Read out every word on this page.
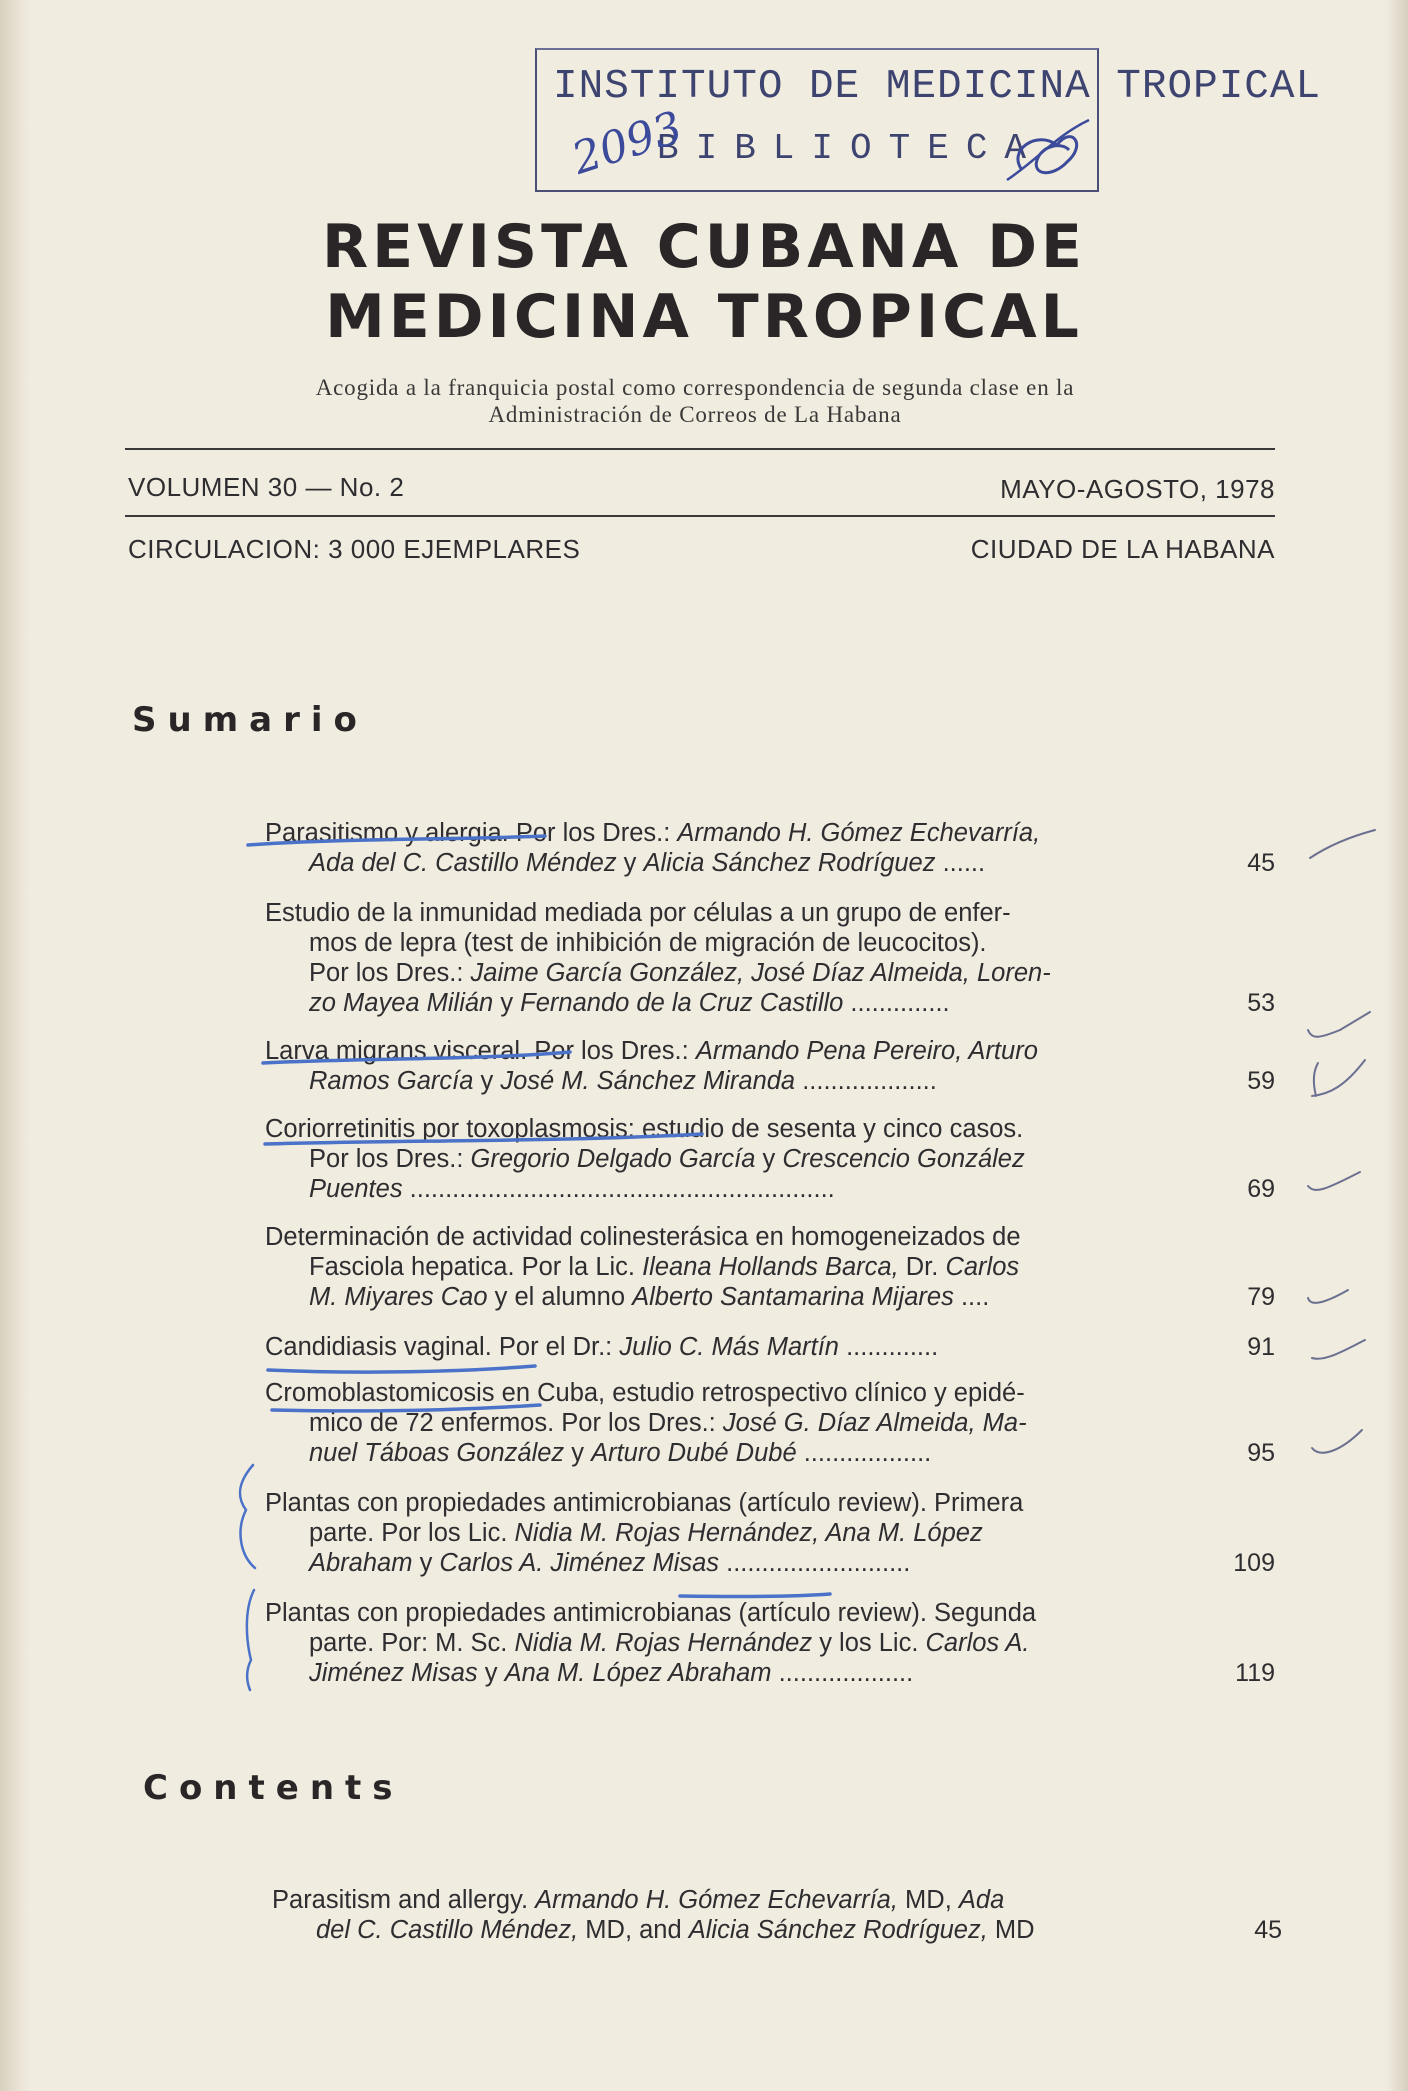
INSTITUTO DE MEDICINA TROPICAL
BIBLIOTECA
2093
REVISTA CUBANA DE
MEDICINA TROPICAL
Acogida a la franquicia postal como correspondencia de segunda clase en la
Administración de Correos de La Habana
VOLUMEN 30 — No. 2	MAYO-AGOSTO, 1978
CIRCULACION: 3 000 EJEMPLARES	CIUDAD DE LA HABANA
Sumario
Parasitismo y alergia. Por los Dres.: Armando H. Gómez Echevarría,
Ada del C. Castillo Méndez y Alicia Sánchez Rodríguez ......	45
Estudio de la inmunidad mediada por células a un grupo de enfer-
mos de lepra (test de inhibición de migración de leucocitos).
Por los Dres.: Jaime García González, José Díaz Almeida, Loren-
zo Mayea Milián y Fernando de la Cruz Castillo ..............	53
Larva migrans visceral. Por los Dres.: Armando Pena Pereiro, Arturo
Ramos García y José M. Sánchez Miranda ...................	59
Coriorretinitis por toxoplasmosis: estudio de sesenta y cinco casos.
Por los Dres.: Gregorio Delgado García y Crescencio González
Puentes ............................................................	69
Determinación de actividad colinesterásica en homogeneizados de
Fasciola hepatica. Por la Lic. Ileana Hollands Barca, Dr. Carlos
M. Miyares Cao y el alumno Alberto Santamarina Mijares ....	79
Candidiasis vaginal. Por el Dr.: Julio C. Más Martín .............	91
Cromoblastomicosis en Cuba, estudio retrospectivo clínico y epidé-
mico de 72 enfermos. Por los Dres.: José G. Díaz Almeida, Ma-
nuel Táboas González y Arturo Dubé Dubé ..................	95
Plantas con propiedades antimicrobianas (artículo review). Primera
parte. Por los Lic. Nidia M. Rojas Hernández, Ana M. López
Abraham y Carlos A. Jiménez Misas ..........................	109
Plantas con propiedades antimicrobianas (artículo review). Segunda
parte. Por: M. Sc. Nidia M. Rojas Hernández y los Lic. Carlos A.
Jiménez Misas y Ana M. López Abraham ...................	119
Contents
Parasitism and allergy. Armando H. Gómez Echevarría, MD, Ada
del C. Castillo Méndez, MD, and Alicia Sánchez Rodríguez, MD	45
